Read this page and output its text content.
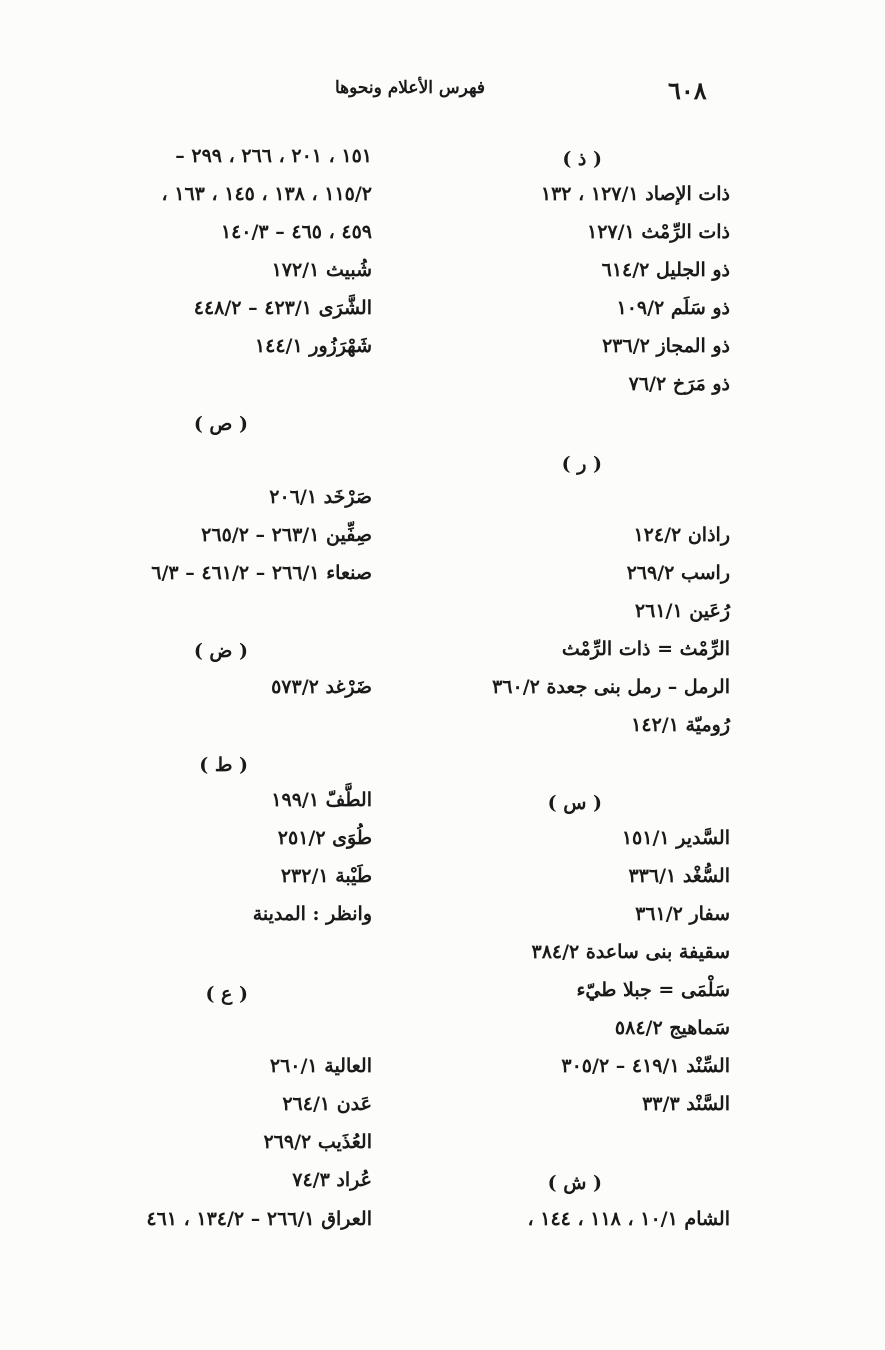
٦٠٨
فهرس الأعلام ونحوها
( ذ )
ذات الإصاد ١٢٧/١ ، ١٣٢
ذات الرِّمْث ١٢٧/١
ذو الجليل ٦١٤/٢
ذو سَلَم ١٠٩/٢
ذو المجاز ٢٣٦/٢
ذو مَرَخ ٧٦/٢
( ر )
راذان ١٢٤/٢
راسب ٢٦٩/٢
رُعَين ٢٦١/١
الرِّمْث = ذات الرِّمْث
الرمل – رمل بنى جعدة ٣٦٠/٢
رُوميّة ١٤٢/١
( س )
السَّدير ١٥١/١
السُّغْد ٣٣٦/١
سفار ٣٦١/٢
سقيفة بنى ساعدة ٣٨٤/٢
سَلْمَى = جبلا طيّء
سَماهيج ٥٨٤/٢
السِّنْد ٤١٩/١ – ٣٠٥/٢
السَّنْد ٣٣/٣
( ش )
الشام ١٠/١ ، ١١٨ ، ١٤٤ ،
١٥١ ، ٢٠١ ، ٢٦٦ ، ٢٩٩ –
١١٥/٢ ، ١٣٨ ، ١٤٥ ، ١٦٣ ،
٤٥٩ ، ٤٦٥ – ١٤٠/٣
شُبيث ١٧٢/١
الشَّرَى ٤٢٣/١ – ٤٤٨/٢
شَهْرَزُور ١٤٤/١
( ص )
صَرْخَد ٢٠٦/١
صِفِّين ٢٦٣/١ – ٢٦٥/٢
صنعاء ٢٦٦/١ – ٤٦١/٢ – ٦/٣
( ض )
ضَرْغد ٥٧٣/٢
( ط )
الطَّفّ ١٩٩/١
طُوَى ٢٥١/٢
طَيْبة ٢٣٢/١
وانظر : المدينة
( ع )
العالية ٢٦٠/١
عَدن ٢٦٤/١
العُذَيب ٢٦٩/٢
عُراد ٧٤/٣
العراق ٢٦٦/١ – ١٣٤/٢ ، ٤٦١
